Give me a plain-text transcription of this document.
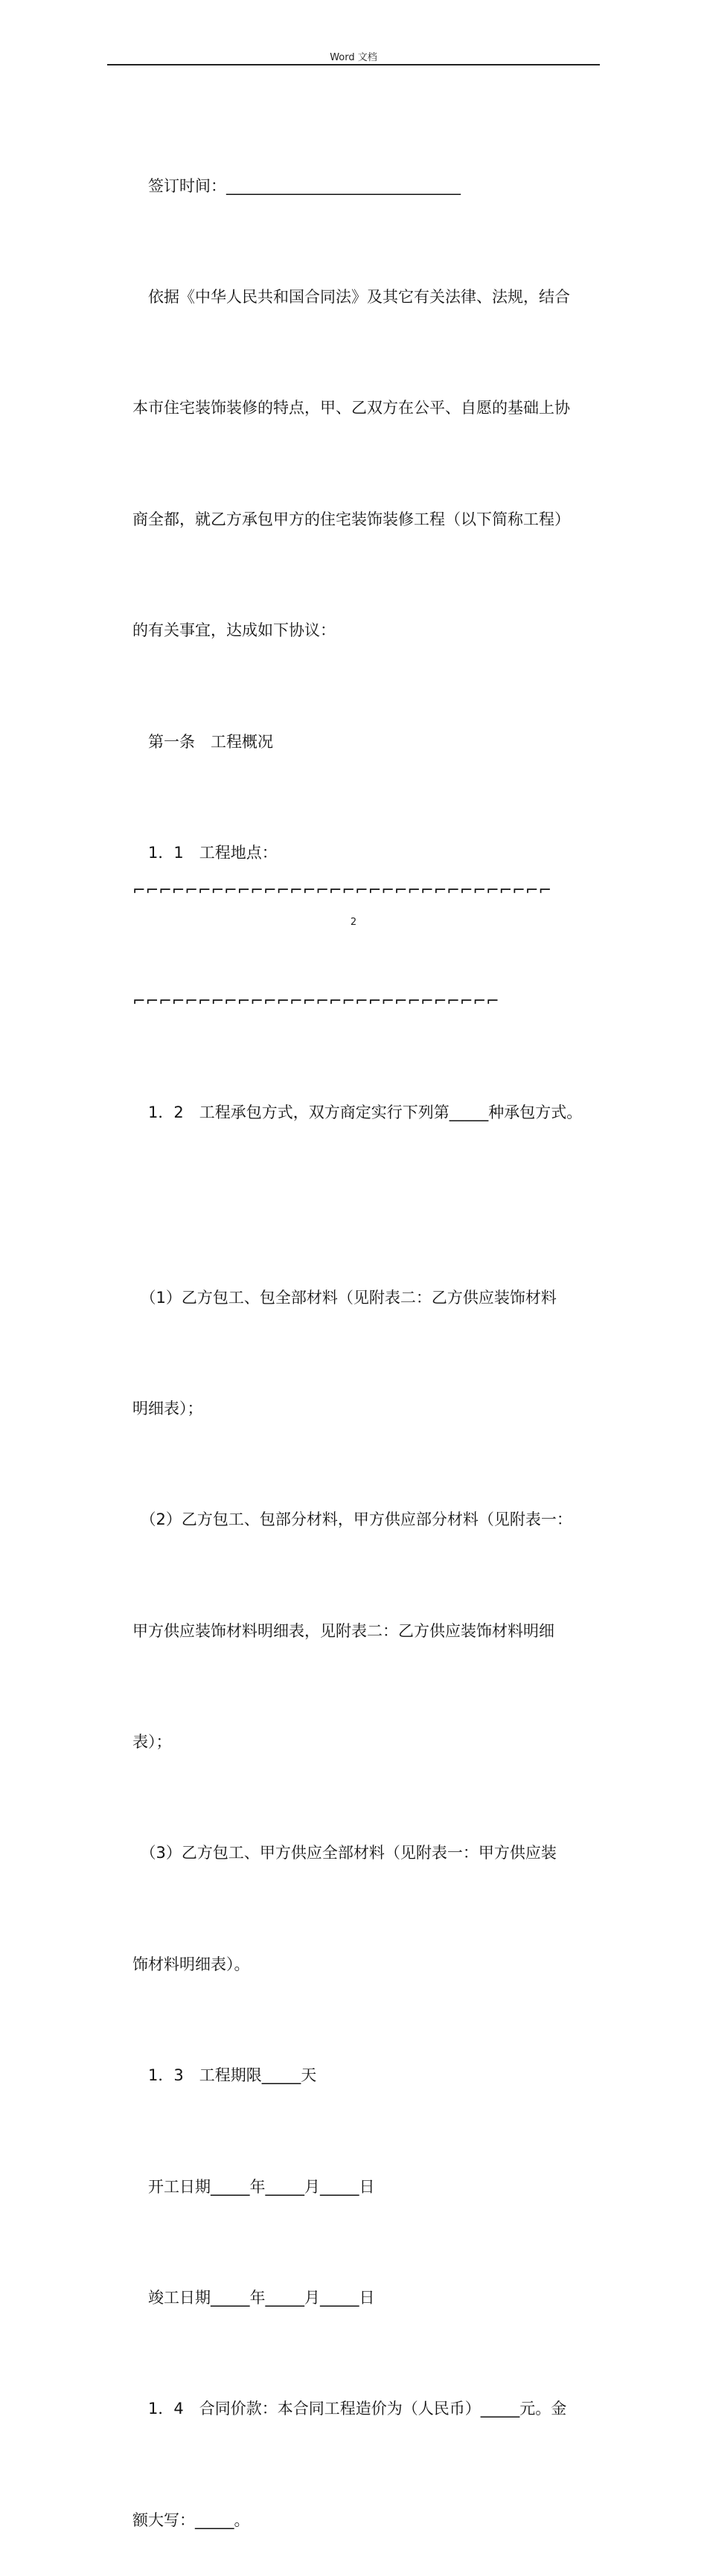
Word 文档

　签订时间：______________________________

　依据《中华人民共和国合同法》及其它有关法律、法规，结合

本市住宅装饰装修的特点，甲、乙双方在公平、自愿的基础上协

商全都，就乙方承包甲方的住宅装饰装修工程（以下简称工程）

的有关事宜，达成如下协议：

　第一条　工程概况

　1．1　工程地点：⌐⌐⌐⌐⌐⌐⌐⌐⌐⌐⌐⌐⌐⌐⌐⌐⌐⌐⌐⌐⌐⌐⌐⌐⌐⌐⌐⌐⌐⌐⌐⌐

⌐⌐⌐⌐⌐⌐⌐⌐⌐⌐⌐⌐⌐⌐⌐⌐⌐⌐⌐⌐⌐⌐⌐⌐⌐⌐⌐⌐

　1．2　工程承包方式，双方商定实行下列第_____种承包方式。

　（1）乙方包工、包全部材料（见附表二：乙方供应装饰材料

明细表）；

　（2）乙方包工、包部分材料，甲方供应部分材料（见附表一：

甲方供应装饰材料明细表，见附表二：乙方供应装饰材料明细

表）；

　（3）乙方包工、甲方供应全部材料（见附表一：甲方供应装

饰材料明细表）。

　1．3　工程期限_____天

　开工日期_____年_____月_____日

　竣工日期_____年_____月_____日

　1．4　合同价款：本合同工程造价为（人民币）_____元。金

额大写：_____。

2
